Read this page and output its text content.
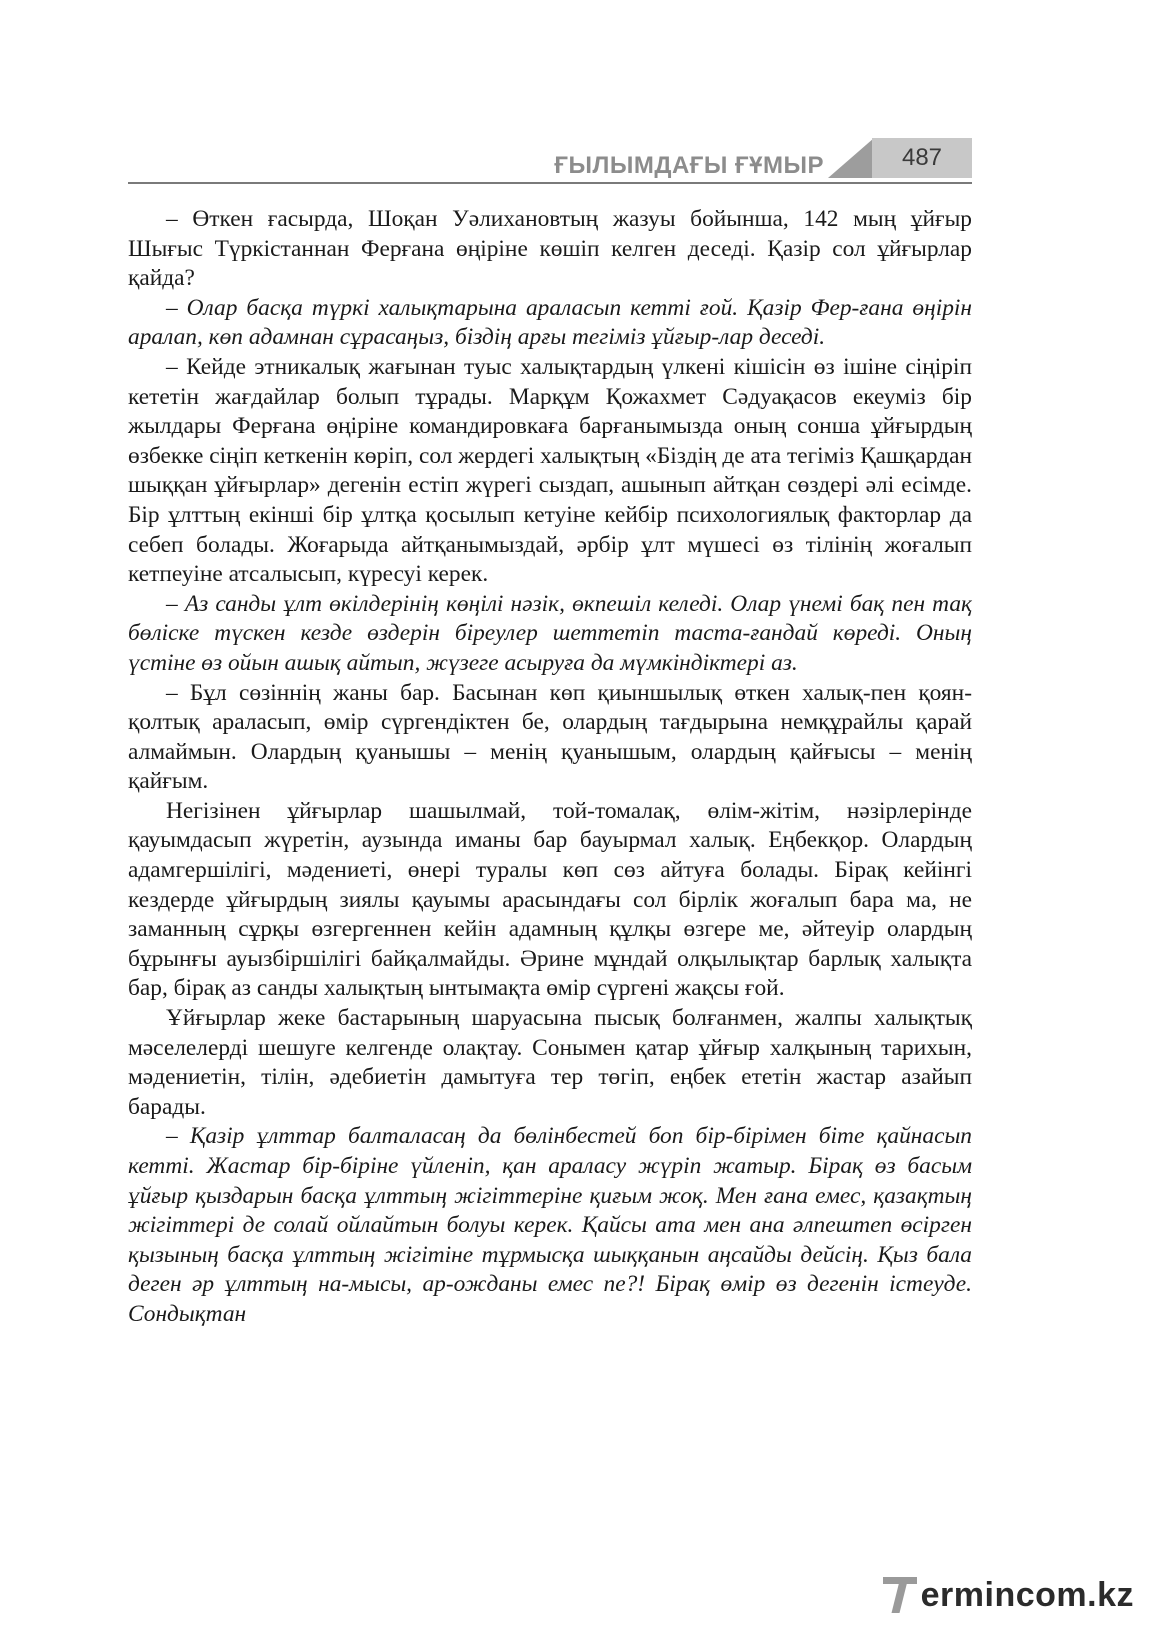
ҒЫЛЫМДАҒЫ ҒҰМЫР	487

– Өткен ғасырда, Шоқан Уәлихановтың жазуы бойынша, 142 мың ұйғыр Шығыс Түркістаннан Ферғана өңіріне көшіп келген деседі. Қазір сол ұйғырлар қайда?

– Олар басқа түркі халықтарына араласып кетті ғой. Қазір Фер-ғана өңірін аралап, көп адамнан сұрасаңыз, біздің арғы тегіміз ұйғыр-лар деседі.

– Кейде этникалық жағынан туыс халықтардың үлкені кішісін өз ішіне сіңіріп кететін жағдайлар болып тұрады. Марқұм Қожахмет Сәдуақасов екеуміз бір жылдары Ферғана өңіріне командировкаға барғанымызда оның сонша ұйғырдың өзбекке сіңіп кеткенін көріп, сол жердегі халықтың «Біздің де ата тегіміз Қашқардан шыққан ұйғырлар» дегенін естіп жүрегі сыздап, ашынып айтқан сөздері әлі есімде. Бір ұлттың екінші бір ұлтқа қосылып кетуіне кейбір психологиялық факторлар да себеп болады. Жоғарыда айтқанымыздай, әрбір ұлт мүшесі өз тілінің жоғалып кетпеуіне атсалысып, күресуі керек.

– Аз санды ұлт өкілдерінің көңілі нәзік, өкпешіл келеді. Олар үнемі бақ пен тақ бөліске түскен кезде өздерін біреулер шеттетіп таста-ғандай көреді. Оның үстіне өз ойын ашық айтып, жүзеге асыруға да мүмкіндіктері аз.

– Бұл сөзіннің жаны бар. Басынан көп қиыншылық өткен халық-пен қоян-қолтық араласып, өмір сүргендіктен бе, олардың тағдырына немқұрайлы қарай алмаймын. Олардың қуанышы – менің қуанышым, олардың қайғысы – менің қайғым.

Негізінен ұйғырлар шашылмай, той-томалақ, өлім-жітім, нәзірлерінде қауымдасып жүретін, аузында иманы бар бауырмал халық. Еңбекқор. Олардың адамгершілігі, мәдениеті, өнері туралы көп сөз айтуға болады. Бірақ кейінгі кездерде ұйғырдың зиялы қауымы арасындағы сол бірлік жоғалып бара ма, не заманның сұрқы өзгергеннен кейін адамның құлқы өзгере ме, әйтеуір олардың бұрынғы ауызбіршілігі байқалмайды. Әрине мұндай олқылықтар барлық халықта бар, бірақ аз санды халықтың ынтымақта өмір сүргені жақсы ғой.

Ұйғырлар жеке бастарының шаруасына пысық болғанмен, жалпы халықтық мәселелерді шешуге келгенде олақтау. Сонымен қатар ұйғыр халқының тарихын, мәдениетін, тілін, әдебиетін дамытуға тер төгіп, еңбек ететін жастар азайып барады.

– Қазір ұлттар балталасаң да бөлінбестей боп бір-бірімен біте қайнасып кетті. Жастар бір-біріне үйленіп, қан араласу жүріп жатыр. Бірақ өз басым ұйғыр қыздарын басқа ұлттың жігіттеріне қиғым жоқ. Мен ғана емес, қазақтың жігіттері де солай ойлайтын болуы керек. Қайсы ата мен ана әлпештеп өсірген қызының басқа ұлттың жігітіне тұрмысқа шыққанын аңсайды дейсің. Қыз бала деген әр ұлттың на-мысы, ар-ожданы емес пе?! Бірақ өмір өз дегенін істеуде. Сондықтан

ermincom.kz
